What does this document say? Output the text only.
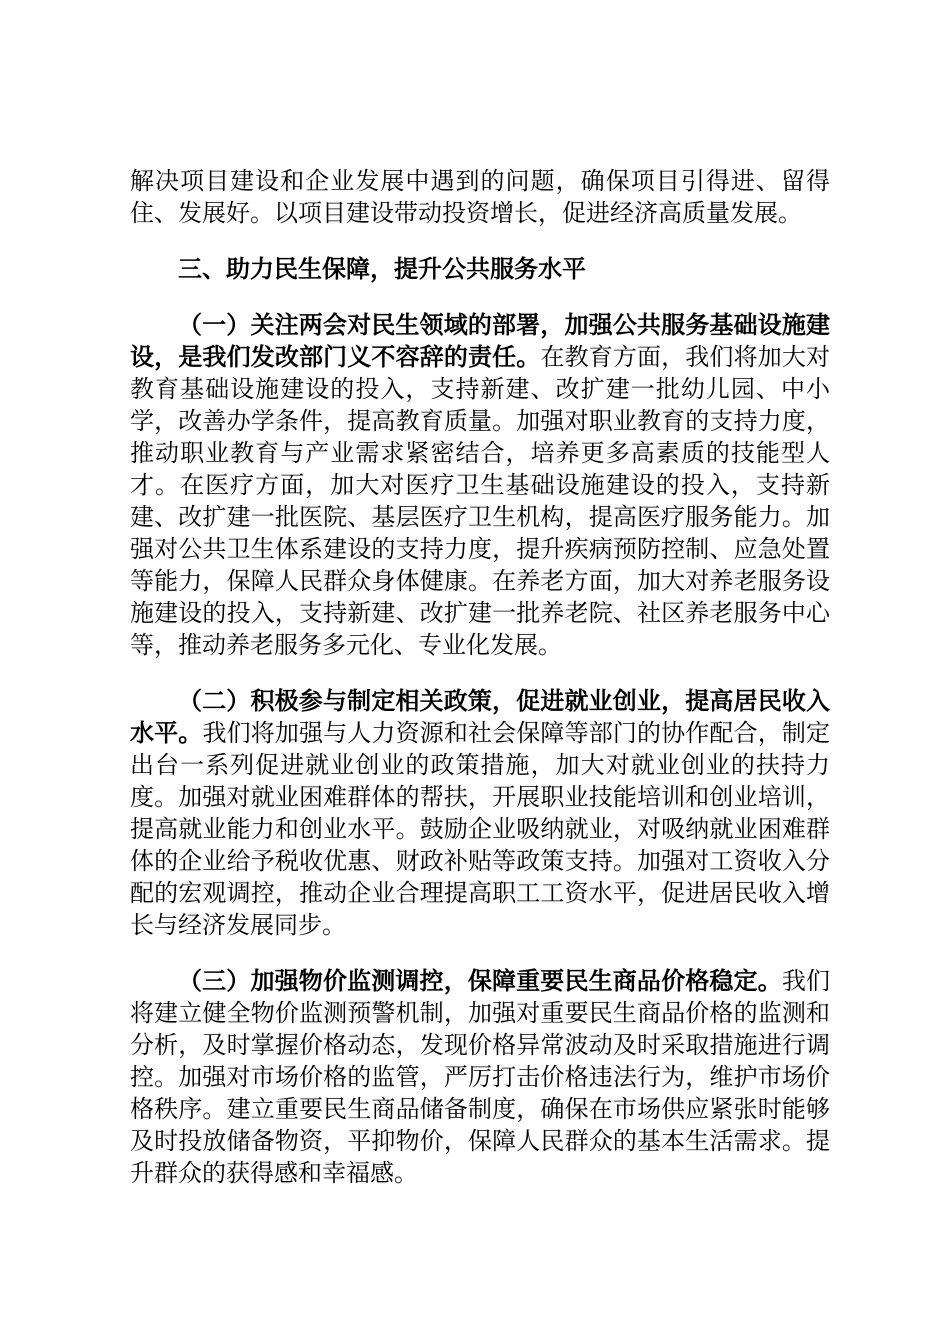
解决项目建设和企业发展中遇到的问题，确保项目引得进、留得住、发展好。以项目建设带动投资增长，促进经济高质量发展。

三、助力民生保障，提升公共服务水平

（一）关注两会对民生领域的部署，加强公共服务基础设施建设，是我们发改部门义不容辞的责任。在教育方面，我们将加大对教育基础设施建设的投入，支持新建、改扩建一批幼儿园、中小学，改善办学条件，提高教育质量。加强对职业教育的支持力度，推动职业教育与产业需求紧密结合，培养更多高素质的技能型人才。在医疗方面，加大对医疗卫生基础设施建设的投入，支持新建、改扩建一批医院、基层医疗卫生机构，提高医疗服务能力。加强对公共卫生体系建设的支持力度，提升疾病预防控制、应急处置等能力，保障人民群众身体健康。在养老方面，加大对养老服务设施建设的投入，支持新建、改扩建一批养老院、社区养老服务中心等，推动养老服务多元化、专业化发展。

（二）积极参与制定相关政策，促进就业创业，提高居民收入水平。我们将加强与人力资源和社会保障等部门的协作配合，制定出台一系列促进就业创业的政策措施，加大对就业创业的扶持力度。加强对就业困难群体的帮扶，开展职业技能培训和创业培训，提高就业能力和创业水平。鼓励企业吸纳就业，对吸纳就业困难群体的企业给予税收优惠、财政补贴等政策支持。加强对工资收入分配的宏观调控，推动企业合理提高职工工资水平，促进居民收入增长与经济发展同步。

（三）加强物价监测调控，保障重要民生商品价格稳定。我们将建立健全物价监测预警机制，加强对重要民生商品价格的监测和分析，及时掌握价格动态，发现价格异常波动及时采取措施进行调控。加强对市场价格的监管，严厉打击价格违法行为，维护市场价格秩序。建立重要民生商品储备制度，确保在市场供应紧张时能够及时投放储备物资，平抑物价，保障人民群众的基本生活需求。提升群众的获得感和幸福感。
